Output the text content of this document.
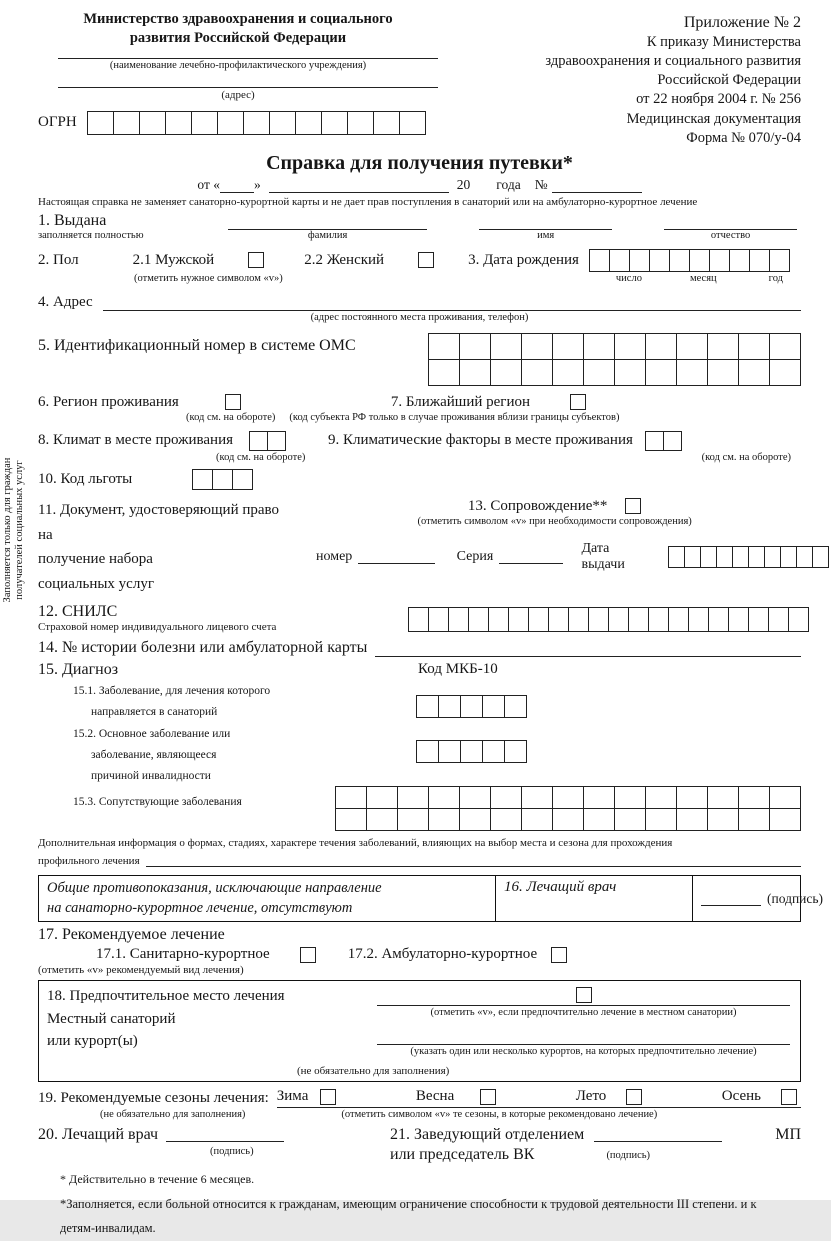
Заполняется только для граждан получателей социальных услуг
Министерство здравоохранения и социального развития Российской Федерации
(наименование лечебно-профилактического учреждения)
(адрес)
ОГРН
Приложение № 2
К приказу Министерства
здравоохранения и социального развития
Российской Федерации
от 22 ноября 2004 г. № 256
Медицинская документация
Форма № 070/у-04
Справка для получения путевки*
от «	»	20 года №
Настоящая справка не заменяет санаторно-курортной карты и не дает прав поступления в санаторий или на амбулаторно-курортное лечение
1. Выдана
заполняется полностью	фамилия	имя	отчество
2. Пол	2.1 Мужской	2.2 Женский	3. Дата рождения
(отметить нужное символом «v»)	число	месяц	год
4. Адрес
(адрес постоянного места проживания, телефон)
5. Идентификационный номер в системе ОМС
6. Регион проживания	7. Ближайший регион
(код см. на обороте) (код субъекта РФ только в случае проживания вблизи границы субъектов)
8. Климат в месте проживания	9. Климатические факторы в месте проживания
(код см. на обороте)	(код см. на обороте)
10. Код льготы
11. Документ, удостоверяющий право на
получение набора
социальных услуг
13. Сопровождение**
(отметить символом «v» при необходимости сопровождения)
номер	Серия
Дата выдачи
12. СНИЛС
Страховой номер индивидуального лицевого счета
14. № истории болезни или амбулаторной карты
15. Диагноз	Код МКБ-10
15.1. Заболевание, для лечения которого
направляется в санаторий
15.2. Основное заболевание или
заболевание, являющееся
причиной инвалидности
15.3. Сопутствующие заболевания
Дополнительная информация о формах, стадиях, характере течения заболеваний, влияющих на выбор места и сезона для прохождения
профильного лечения
Общие противопоказания, исключающие направление
на санаторно-курортное лечение, отсутствуют
16. Лечащий врач
(подпись)
17. Рекомендуемое лечение
17.1. Санитарно-курортное	17.2. Амбулаторно-курортное
(отметить «v» рекомендуемый вид лечения)
18. Предпочтительное место лечения
Местный санаторий
или курорт(ы)
(отметить «v», если предпочтительно лечение в местном санатории)
(указать один или несколько курортов, на которых предпочтительно лечение)
(не обязательно для заполнения)
19. Рекомендуемые сезоны лечения: Зима	Весна	Лето	Осень
(не обязательно для заполнения)	(отметить символом «v» те сезоны, в которые рекомендовано лечение)
20. Лечащий врач
(подпись)
21. Заведующий отделением	МП
или председатель ВК	(подпись)
* Действительно в течение 6 месяцев.
*Заполняется, если больной относится к гражданам, имеющим ограничение способности к трудовой деятельности III степени. и к детям-инвалидам.
